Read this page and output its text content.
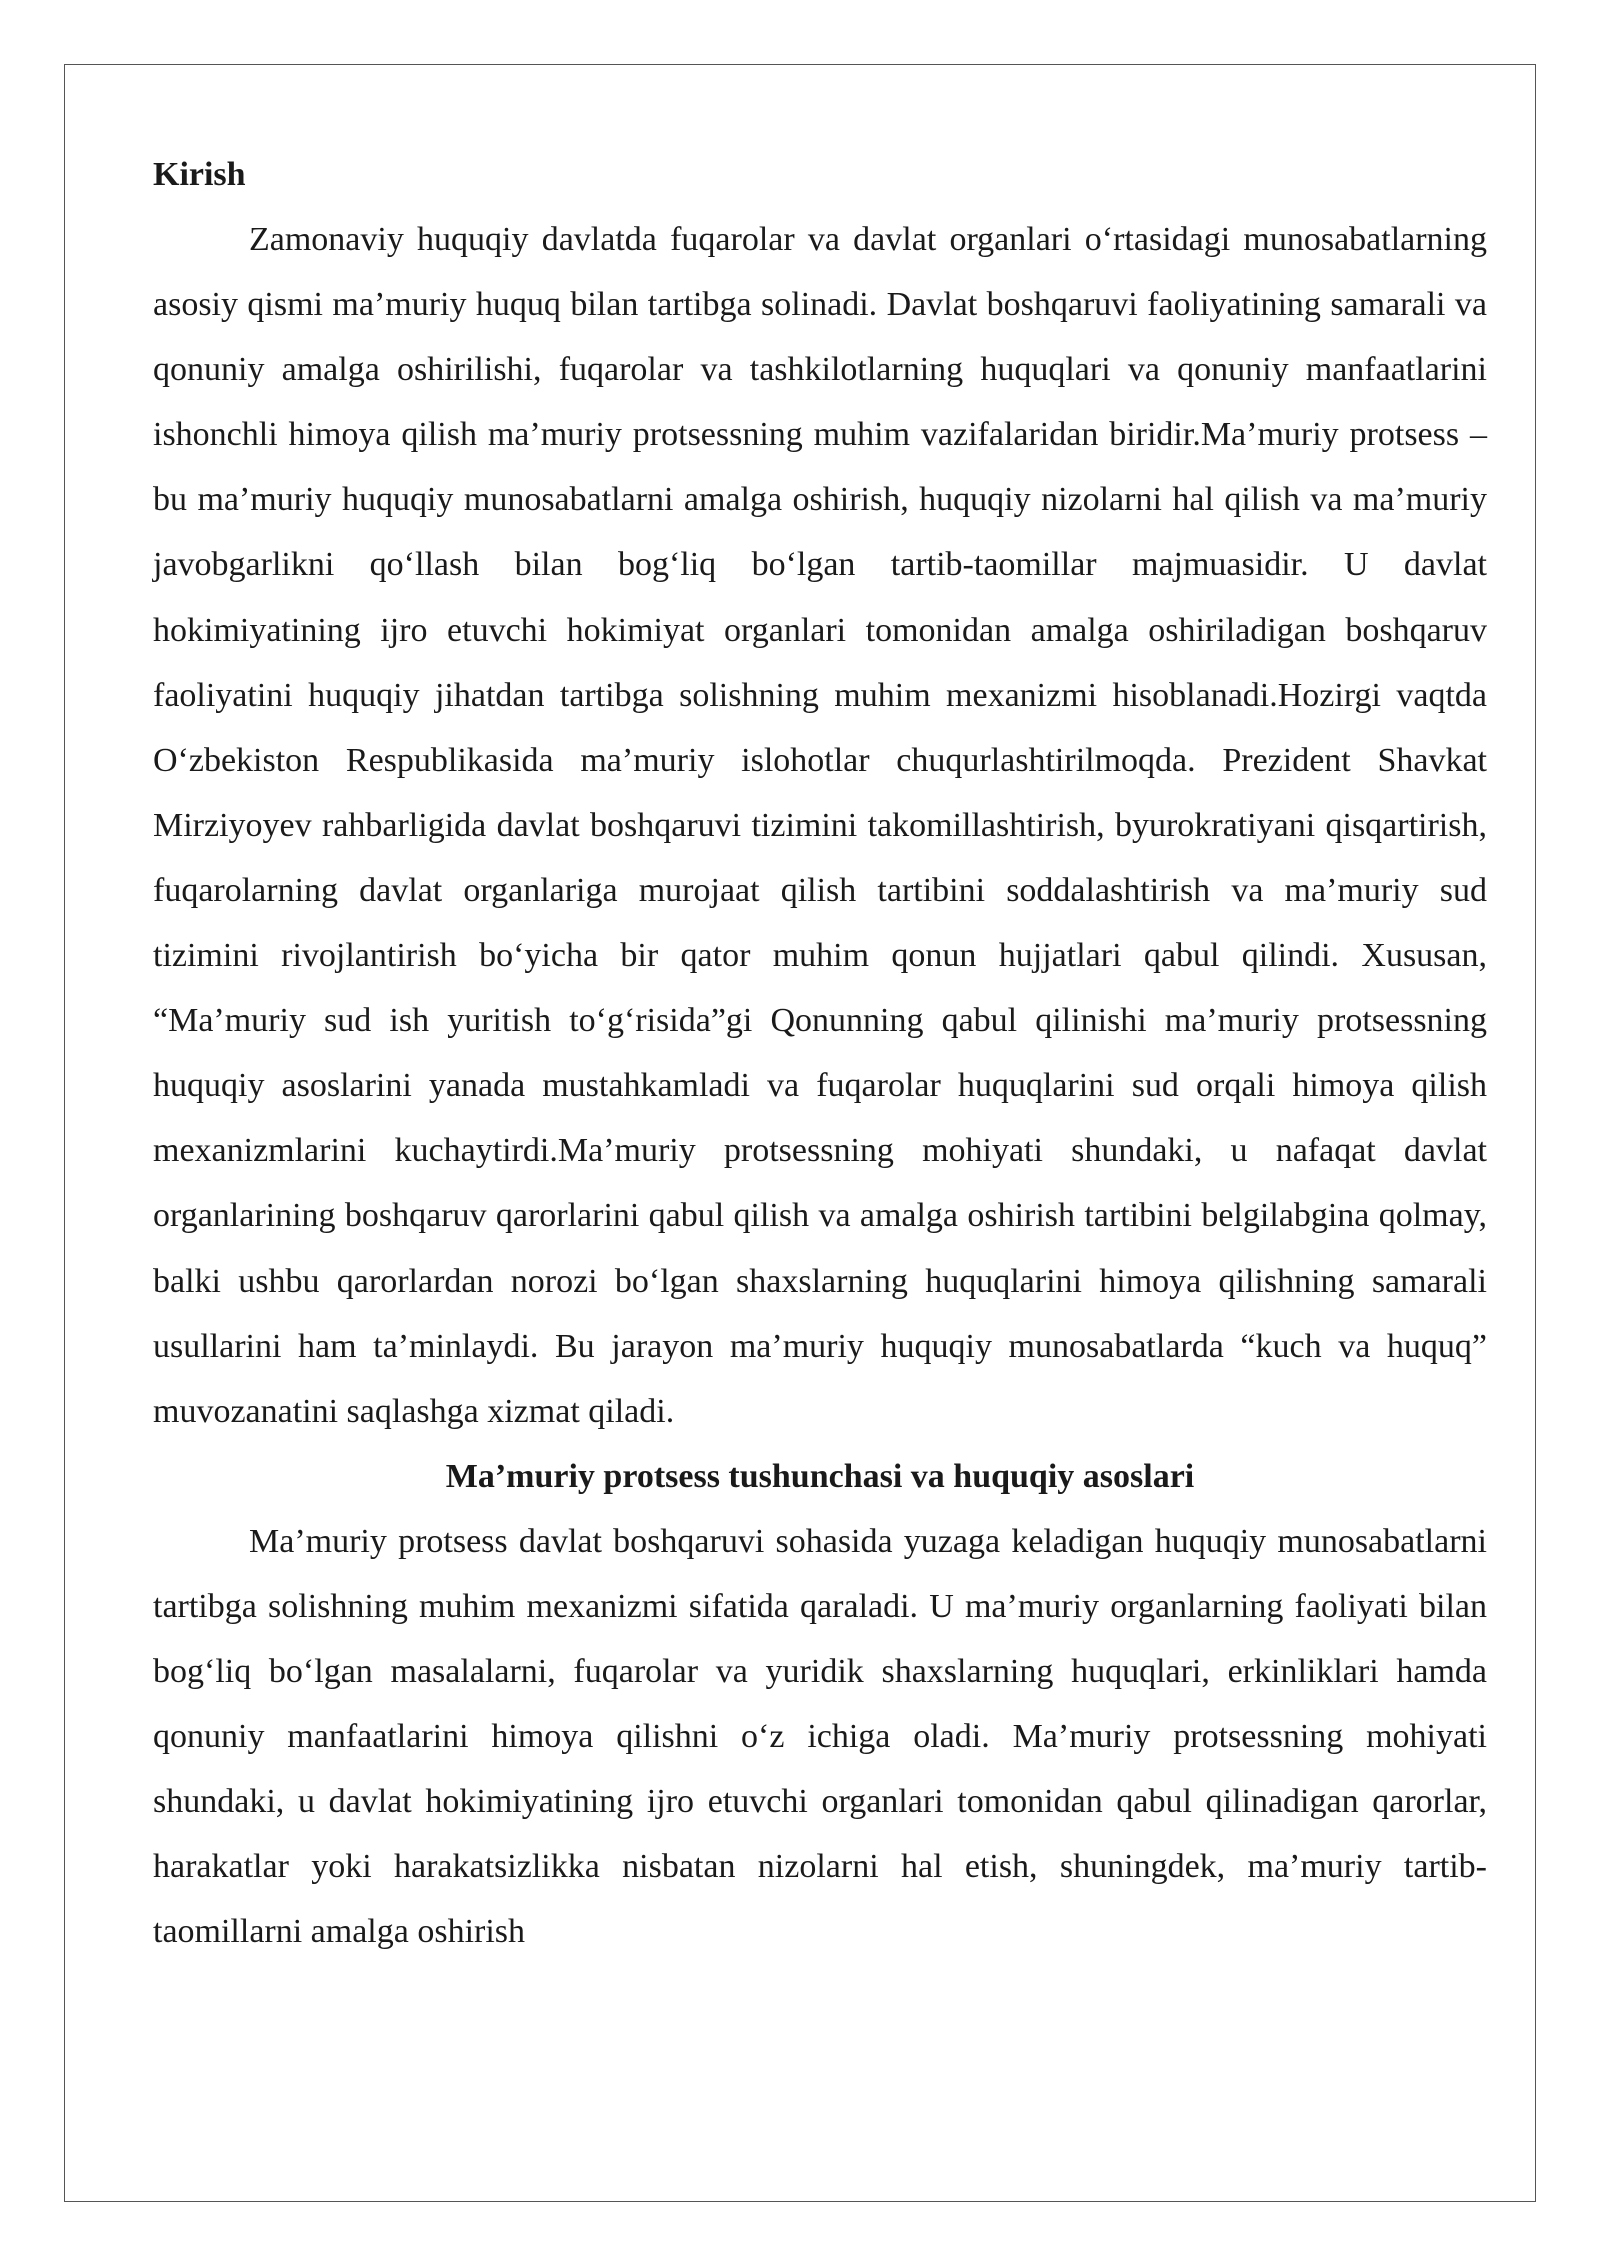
Kirish

Zamonaviy huquqiy davlatda fuqarolar va davlat organlari o‘rtasidagi munosabatlarning asosiy qismi ma’muriy huquq bilan tartibga solinadi. Davlat boshqaruvi faoliyatining samarali va qonuniy amalga oshirilishi, fuqarolar va tashkilotlarning huquqlari va qonuniy manfaatlarini ishonchli himoya qilish ma’muriy protsessning muhim vazifalaridan biridir.Ma’muriy protsess – bu ma’muriy huquqiy munosabatlarni amalga oshirish, huquqiy nizolarni hal qilish va ma’muriy javobgarlikni qo‘llash bilan bog‘liq bo‘lgan tartib-taomillar majmuasidir. U davlat hokimiyatining ijro etuvchi hokimiyat organlari tomonidan amalga oshiriladigan boshqaruv faoliyatini huquqiy jihatdan tartibga solishning muhim mexanizmi hisoblanadi.Hozirgi vaqtda O‘zbekiston Respublikasida ma’muriy islohotlar chuqurlashtirilmoqda. Prezident Shavkat Mirziyoyev rahbarligida davlat boshqaruvi tizimini takomillashtirish, byurokratiyani qisqartirish, fuqarolarning davlat organlariga murojaat qilish tartibini soddalashtirish va ma’muriy sud tizimini rivojlantirish bo‘yicha bir qator muhim qonun hujjatlari qabul qilindi. Xususan, “Ma’muriy sud ish yuritish to‘g‘risida”gi Qonunning qabul qilinishi ma’muriy protsessning huquqiy asoslarini yanada mustahkamladi va fuqarolar huquqlarini sud orqali himoya qilish mexanizmlarini kuchaytirdi.Ma’muriy protsessning mohiyati shundaki, u nafaqat davlat organlarining boshqaruv qarorlarini qabul qilish va amalga oshirish tartibini belgilabgina qolmay, balki ushbu qarorlardan norozi bo‘lgan shaxslarning huquqlarini himoya qilishning samarali usullarini ham ta’minlaydi. Bu jarayon ma’muriy huquqiy munosabatlarda “kuch va huquq” muvozanatini saqlashga xizmat qiladi.

Ma’muriy protsess tushunchasi va huquqiy asoslari

Ma’muriy protsess davlat boshqaruvi sohasida yuzaga keladigan huquqiy munosabatlarni tartibga solishning muhim mexanizmi sifatida qaraladi. U ma’muriy organlarning faoliyati bilan bog‘liq bo‘lgan masalalarni, fuqarolar va yuridik shaxslarning huquqlari, erkinliklari hamda qonuniy manfaatlarini himoya qilishni o‘z ichiga oladi. Ma’muriy protsessning mohiyati shundaki, u davlat hokimiyatining ijro etuvchi organlari tomonidan qabul qilinadigan qarorlar, harakatlar yoki harakatsizlikka nisbatan nizolarni hal etish, shuningdek, ma’muriy tartib-taomillarni amalga oshirish
